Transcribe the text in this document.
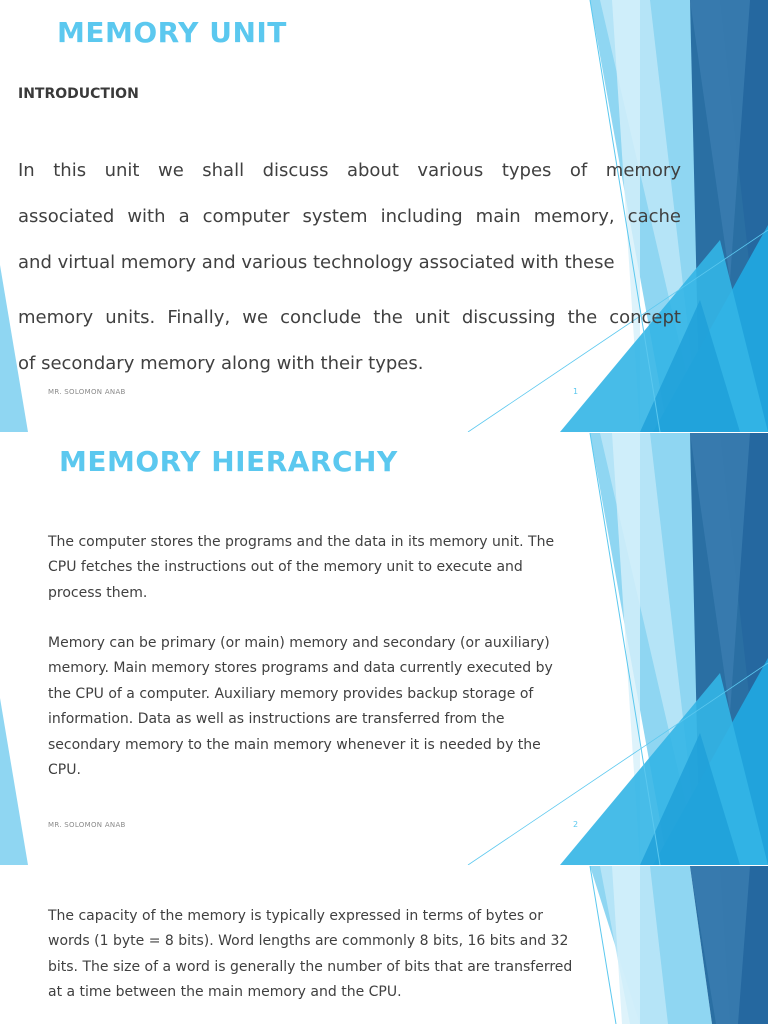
MEMORY UNIT
INTRODUCTION

In this unit we shall discuss about various types of memory

associated with a computer system including main memory, cache

and virtual memory and various technology associated with these

memory units. Finally, we conclude the unit discussing the concept

of secondary memory along with their types.

MR. SOLOMON ANAB	1
MEMORY HIERARCHY

The computer stores the programs and the data in its memory unit. The CPU fetches the instructions out of the memory unit to execute and process them.

Memory can be primary (or main) memory and secondary (or auxiliary) memory. Main memory stores programs and data currently executed by the CPU of a computer. Auxiliary memory provides backup storage of information. Data as well as instructions are transferred from the secondary memory to the main memory whenever it is needed by the CPU.

MR. SOLOMON ANAB	2

The capacity of the memory is typically expressed in terms of bytes or words (1 byte = 8 bits). Word lengths are commonly 8 bits, 16 bits and 32 bits. The size of a word is generally the number of bits that are transferred at a time between the main memory and the CPU.
